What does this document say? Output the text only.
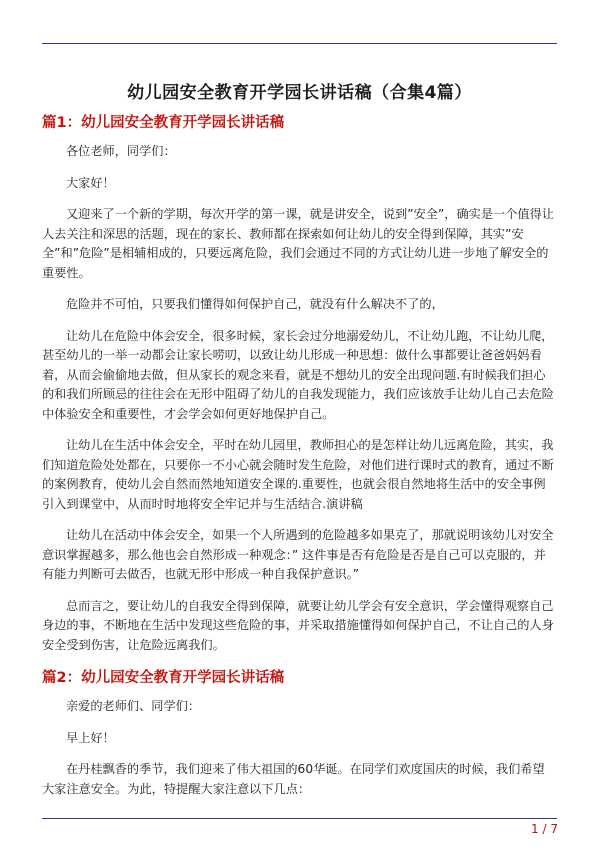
幼儿园安全教育开学园长讲话稿（合集4篇）
篇1：幼儿园安全教育开学园长讲话稿

各位老师，同学们：

大家好！

又迎来了一个新的学期，每次开学的第一课，就是讲安全，说到”安全”，确实是一个值得让人去关注和深思的活题，现在的家长、教师都在探索如何让幼儿的安全得到保障，其实”安全”和”危险”是相辅相成的，只要远离危险，我们会通过不同的方式让幼儿进一步地了解安全的重要性。

危险并不可怕，只要我们懂得如何保护自己，就没有什么解决不了的，

让幼儿在危险中体会安全，很多时候，家长会过分地溺爱幼儿，不让幼儿跑，不让幼儿爬，甚至幼儿的一举一动都会让家长唠叨，以致让幼儿形成一种思想：做什么事都要让爸爸妈妈看着，从而会偷偷地去做，但从家长的观念来看，就是不想幼儿的安全出现问题.有时候我们担心的和我们所顾忌的往往会在无形中阻碍了幼儿的自我发现能力，我们应该放手让幼儿自己去危险中体验安全和重要性，才会学会如何更好地保护自己。

让幼儿在生活中体会安全，平时在幼儿园里，教师担心的是怎样让幼儿远离危险，其实，我们知道危险处处都在，只要你一不小心就会随时发生危险，对他们进行课时式的教育，通过不断的案例教育，使幼儿会自然而然地知道安全课的.重要性，也就会很自然地将生活中的安全事例引入到课堂中，从而时时地将安全牢记并与生活结合.演讲稿

让幼儿在活动中体会安全，如果一个人所遇到的危险越多如果克了，那就说明该幼儿对安全意识掌握越多，那么他也会自然形成一种观念：” 这件事是否有危险是否是自己可以克服的，并有能力判断可去做否，也就无形中形成一种自我保护意识。”

总而言之，要让幼儿的自我安全得到保障，就要让幼儿学会有安全意识，学会懂得观察自己身边的事，不断地在生活中发现这些危险的事，并采取措施懂得如何保护自己，不让自己的人身安全受到伤害，让危险远离我们。

篇2：幼儿园安全教育开学园长讲话稿

亲爱的老师们、同学们：

早上好！

在丹桂飘香的季节，我们迎来了伟大祖国的60华诞。在同学们欢度国庆的时候，我们希望大家注意安全。为此，特提醒大家注意以下几点：

1 / 7
